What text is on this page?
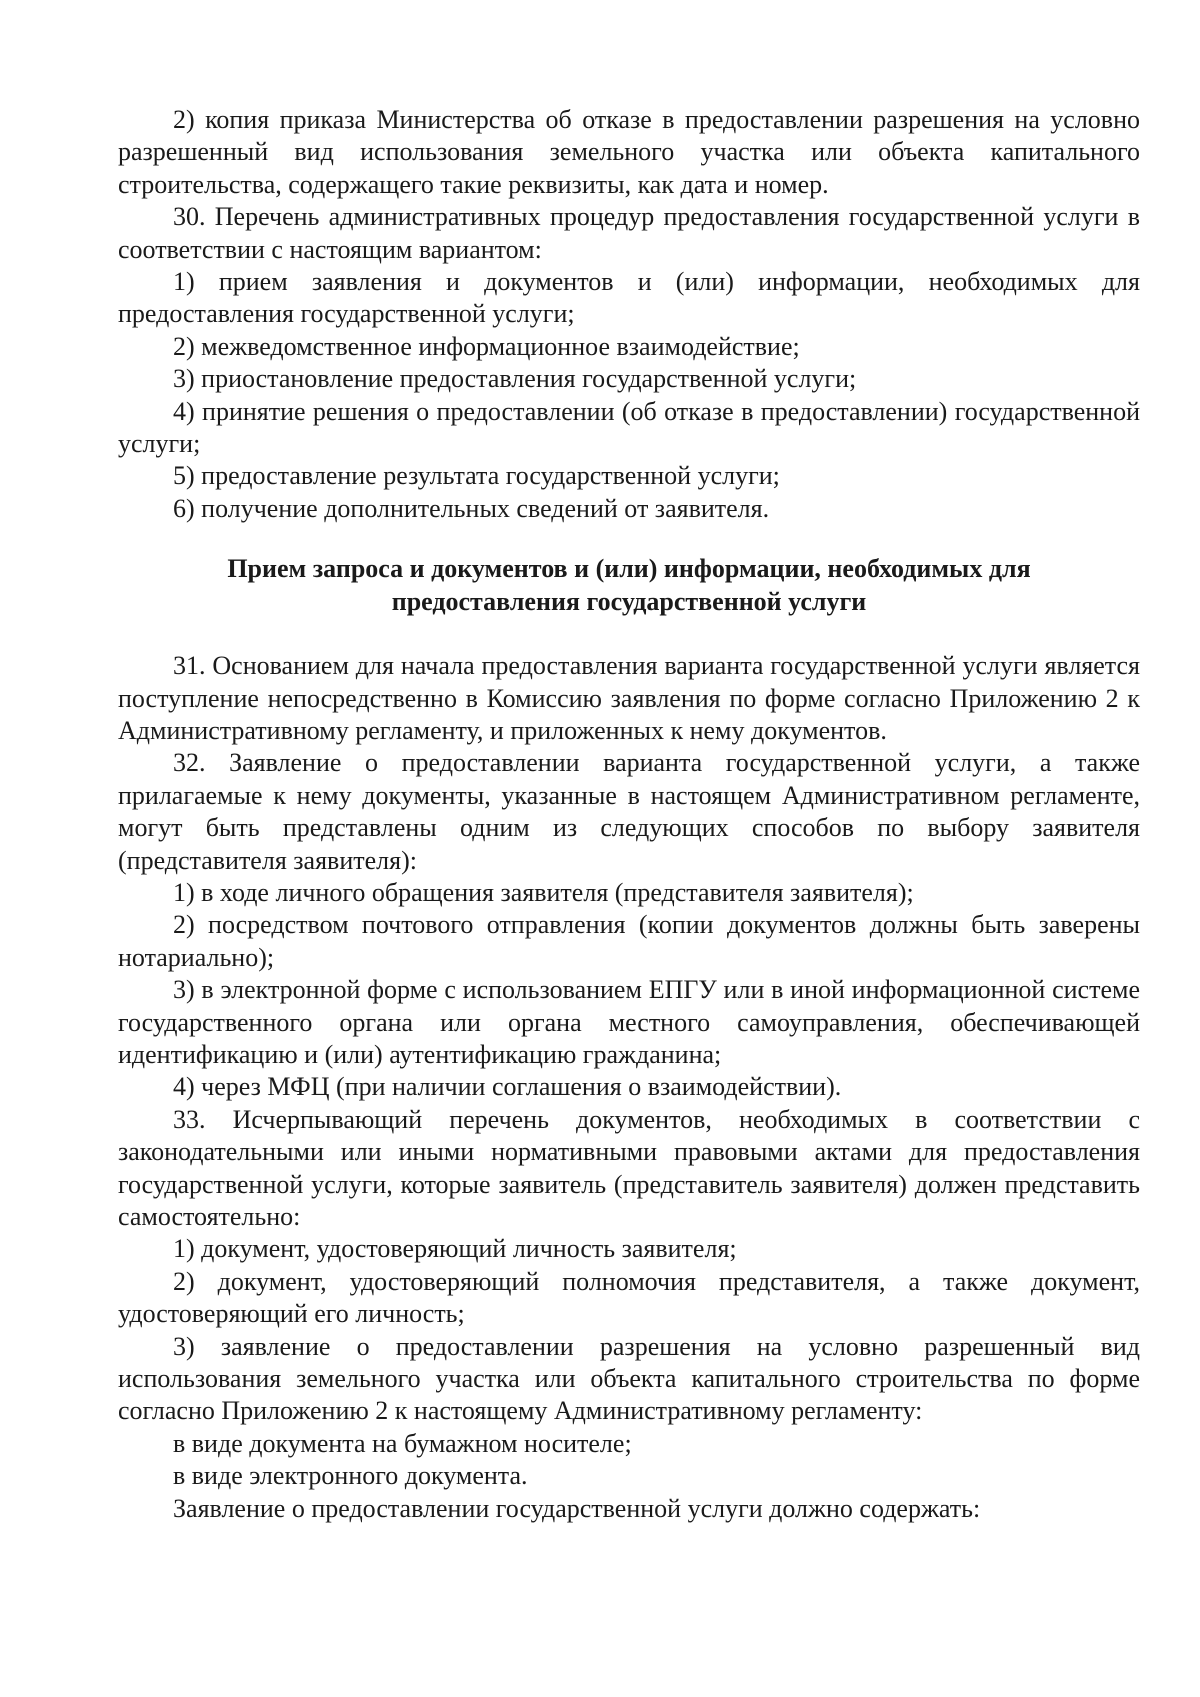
2) копия приказа Министерства об отказе в предоставлении разрешения на условно разрешенный вид использования земельного участка или объекта капитального строительства, содержащего такие реквизиты, как дата и номер.

30. Перечень административных процедур предоставления государственной услуги в соответствии с настоящим вариантом:

1) прием заявления и документов и (или) информации, необходимых для предоставления государственной услуги;

2) межведомственное информационное взаимодействие;

3) приостановление предоставления государственной услуги;

4) принятие решения о предоставлении (об отказе в предоставлении) государственной услуги;

5) предоставление результата государственной услуги;

6) получение дополнительных сведений от заявителя.

Прием запроса и документов и (или) информации, необходимых для
предоставления государственной услуги

31. Основанием для начала предоставления варианта государственной услуги является поступление непосредственно в Комиссию заявления по форме согласно Приложению 2 к Административному регламенту, и приложенных к нему документов.

32. Заявление о предоставлении варианта государственной услуги, а также прилагаемые к нему документы, указанные в настоящем Административном регламенте, могут быть представлены одним из следующих способов по выбору заявителя (представителя заявителя):

1) в ходе личного обращения заявителя (представителя заявителя);

2) посредством почтового отправления (копии документов должны быть заверены нотариально);

3) в электронной форме с использованием ЕПГУ или в иной информационной системе государственного органа или органа местного самоуправления, обеспечивающей идентификацию и (или) аутентификацию гражданина;

4) через МФЦ (при наличии соглашения о взаимодействии).

33. Исчерпывающий перечень документов, необходимых в соответствии с законодательными или иными нормативными правовыми актами для предоставления государственной услуги, которые заявитель (представитель заявителя) должен представить самостоятельно:

1) документ, удостоверяющий личность заявителя;

2) документ, удостоверяющий полномочия представителя, а также документ, удостоверяющий его личность;

3) заявление о предоставлении разрешения на условно разрешенный вид использования земельного участка или объекта капитального строительства по форме согласно Приложению 2 к настоящему Административному регламенту:

в виде документа на бумажном носителе;

в виде электронного документа.

Заявление о предоставлении государственной услуги должно содержать:
